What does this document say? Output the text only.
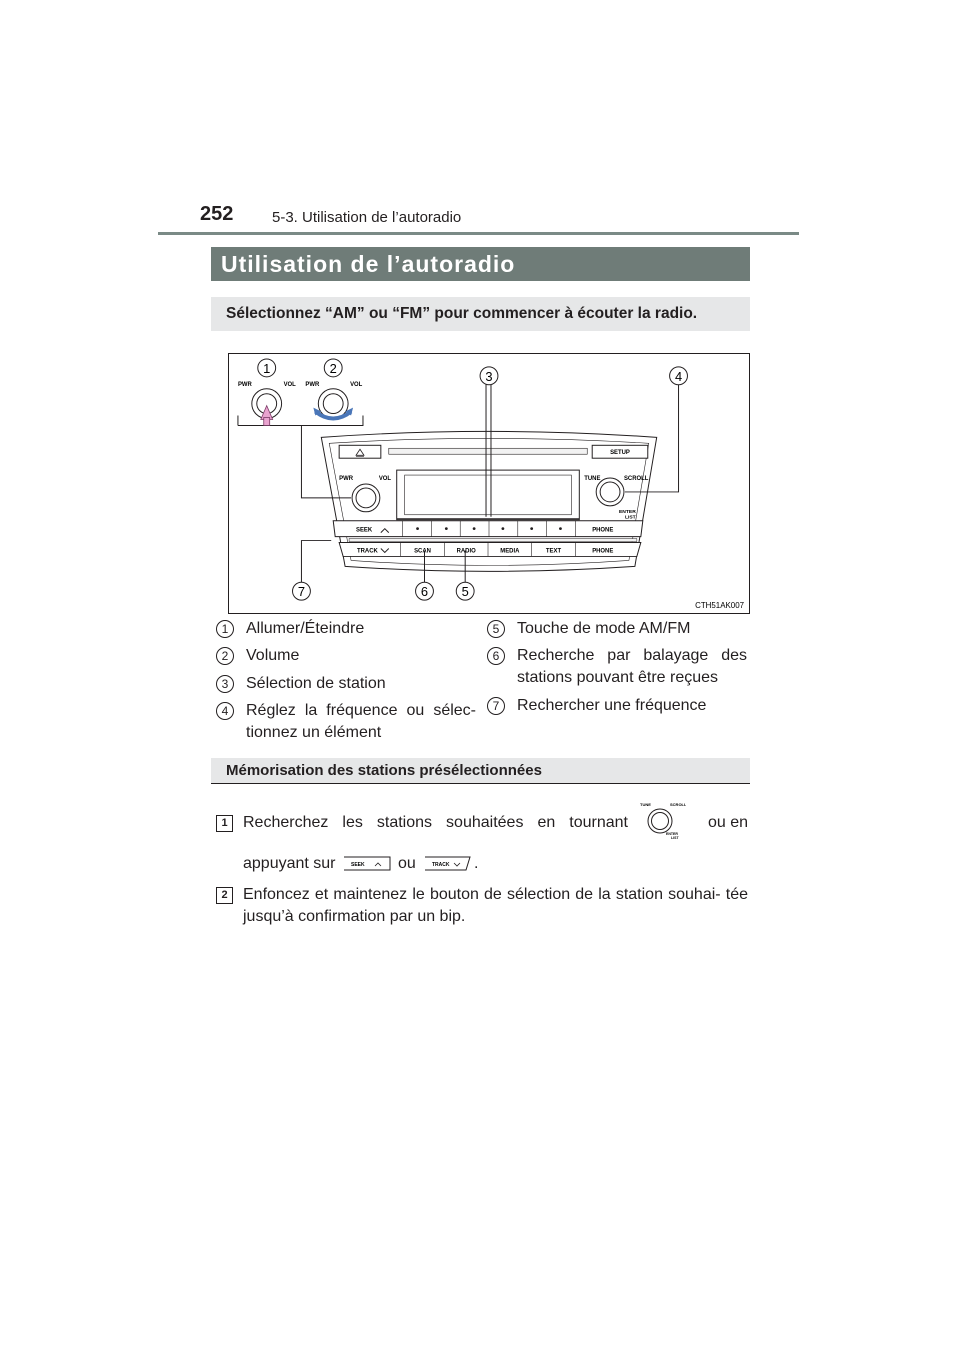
252	5-3. Utilisation de l’autoradio
Utilisation de l’autoradio
Sélectionnez “AM” ou “FM” pour commencer à écouter la radio.
PWR	VOL PWR	VOL
1	2
3	4
5
6
7
SETUP
PWR	VOL	TUNE	SCROLL
ENTER
LIST
SEEK	PHONE
TRACK	SCAN	RADIO	MEDIA	TEXT	PHONE
CTH51AK007
1	Allumer/Éteindre
2	Volume
3	Sélection de station
4	Réglez la fréquence ou sélec- tionnez un élément
5	Touche de mode AM/FM
6	Recherche par balayage des stations pouvant être reçues
7	Rechercher une fréquence
Mémorisation des stations présélectionnées
1 Recherchez les stations souhaitées en tournant
TUNE	SCROLL
ENTER
LIST
ou en
appuyant sur	SEEK ou	TRACK .
2 Enfoncez et maintenez le bouton de sélection de la station souhai- tée jusqu’à confirmation par un bip.
